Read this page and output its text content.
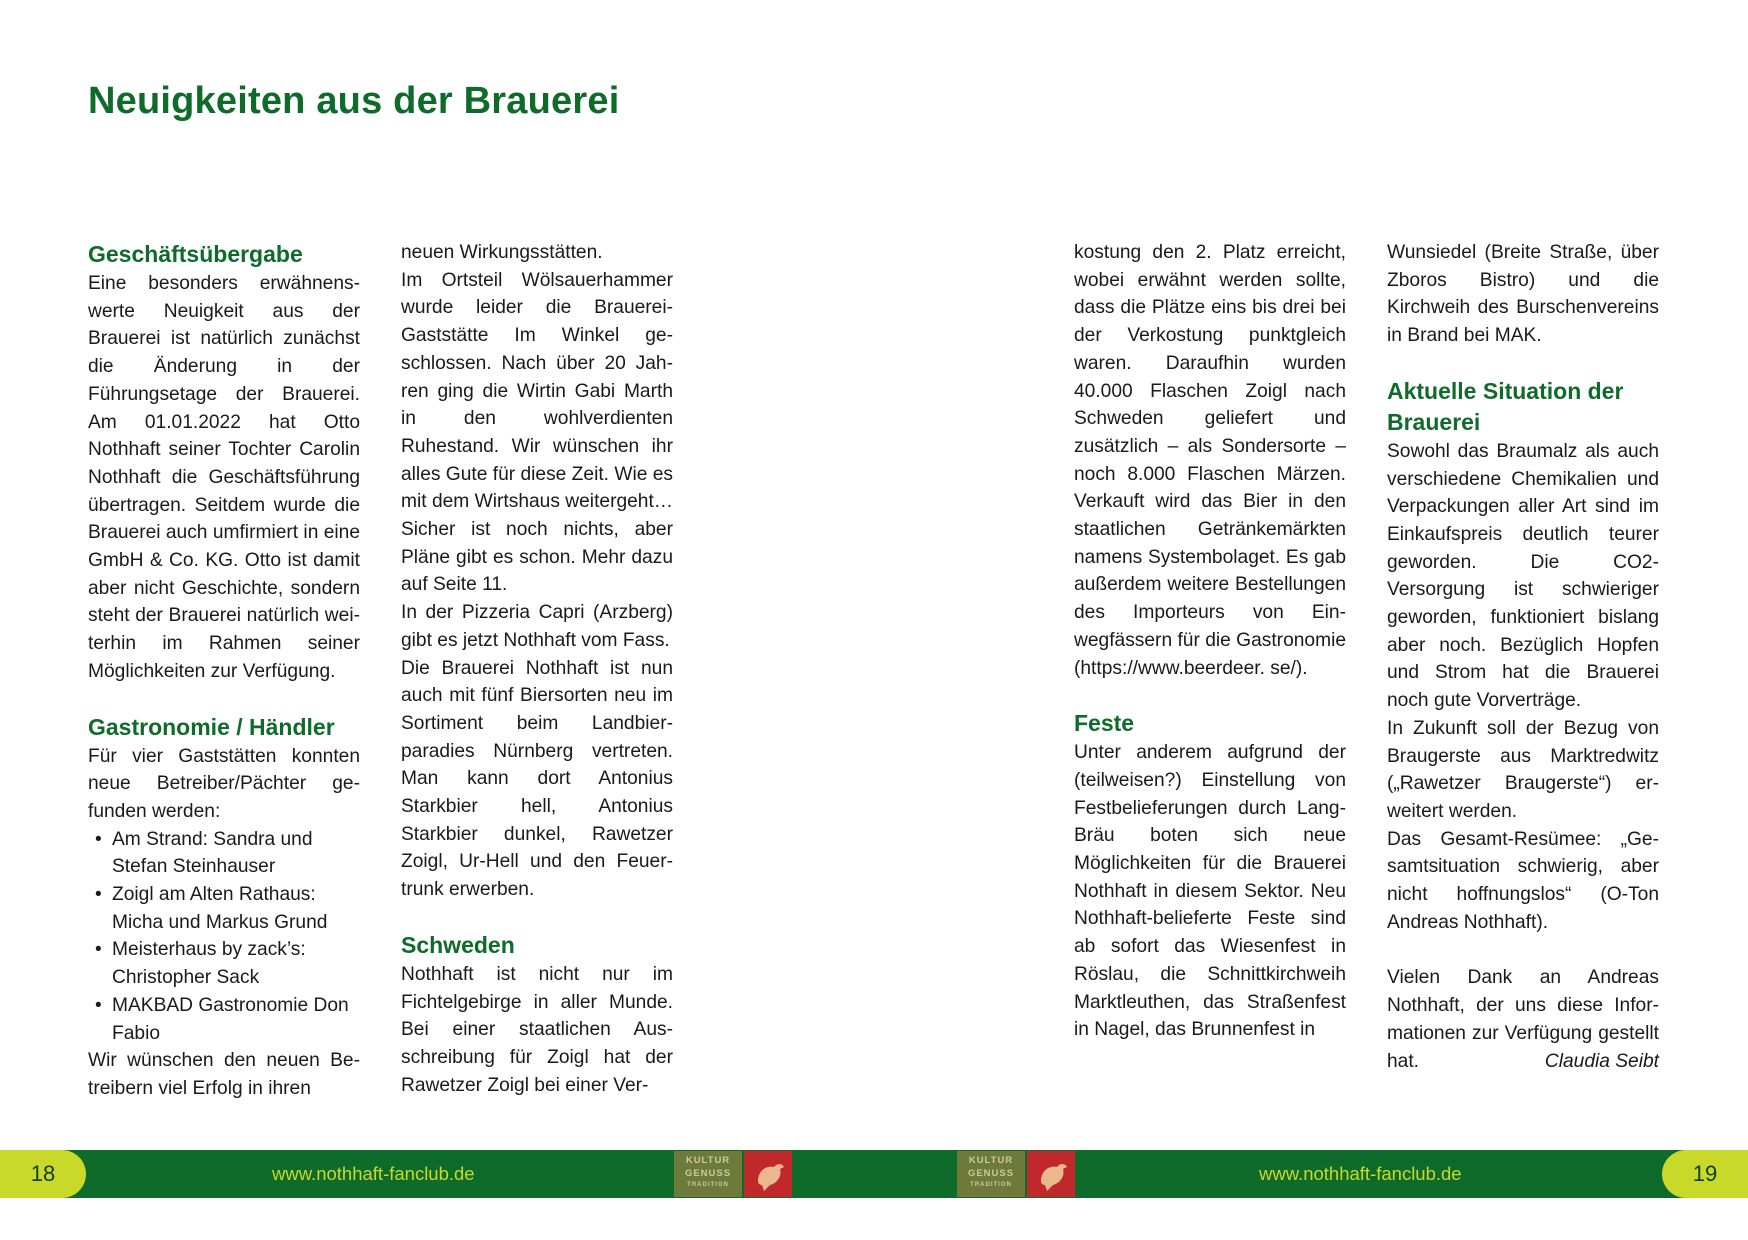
Neuigkeiten aus der Brauerei
Geschäftsübergabe

Eine besonders erwähnenswerte Neuigkeit aus der Brauerei ist natürlich zunächst die Änderung in der Führungsetage der Brauerei. Am 01.01.2022 hat Otto Nothhaft seiner Tochter Carolin Nothhaft die Geschäftsführung übertragen. Seitdem wurde die Brauerei auch umfirmiert in eine GmbH & Co. KG. Otto ist damit aber nicht Geschichte, sondern steht der Brauerei natürlich weiterhin im Rahmen seiner Möglichkeiten zur Verfügung.

Gastronomie / Händler

Für vier Gaststätten konnten neue Betreiber/Pächter gefunden werden:

• Am Strand: Sandra und Stefan Steinhauser
• Zoigl am Alten Rathaus: Micha und Markus Grund
• Meisterhaus by zack’s: Christopher Sack
• MAKBAD Gastronomie Don Fabio

Wir wünschen den neuen Betreibern viel Erfolg in ihren

neuen Wirkungsstätten.

Im Ortsteil Wölsauerhammer wurde leider die Brauerei-Gaststätte Im Winkel geschlossen. Nach über 20 Jahren ging die Wirtin Gabi Marth in den wohlverdienten Ruhestand. Wir wünschen ihr alles Gute für diese Zeit. Wie es mit dem Wirtshaus weitergeht… Sicher ist noch nichts, aber Pläne gibt es schon. Mehr dazu auf Seite 11.

In der Pizzeria Capri (Arzberg) gibt es jetzt Nothhaft vom Fass.

Die Brauerei Nothhaft ist nun auch mit fünf Biersorten neu im Sortiment beim Landbierparadies Nürnberg vertreten. Man kann dort Antonius Starkbier hell, Antonius Starkbier dunkel, Rawetzer Zoigl, Ur-Hell und den Feuertrunk erwerben.

Schweden

Nothhaft ist nicht nur im Fichtelgebirge in aller Munde. Bei einer staatlichen Ausschreibung für Zoigl hat der Rawetzer Zoigl bei einer Ver-

kostung den 2. Platz erreicht, wobei erwähnt werden sollte, dass die Plätze eins bis drei bei der Verkostung punktgleich waren. Daraufhin wurden 40.000 Flaschen Zoigl nach Schweden geliefert und zusätzlich – als Sondersorte – noch 8.000 Flaschen Märzen. Verkauft wird das Bier in den staatlichen Getränkemärkten namens Systembolaget. Es gab außerdem weitere Bestellungen des Importeurs von Einwegfässern für die Gastronomie (https://www.beerdeer. se/).

Feste

Unter anderem aufgrund der (teilweisen?) Einstellung von Festbelieferungen durch Lang-Bräu boten sich neue Möglichkeiten für die Brauerei Nothhaft in diesem Sektor. Neu Nothhaft-belieferte Feste sind ab sofort das Wiesenfest in Röslau, die Schnittkirchweih Marktleuthen, das Straßenfest in Nagel, das Brunnenfest in

Wunsiedel (Breite Straße, über Zboros Bistro) und die Kirchweih des Burschenvereins in Brand bei MAK.

Aktuelle Situation der Brauerei

Sowohl das Braumalz als auch verschiedene Chemikalien und Verpackungen aller Art sind im Einkaufspreis deutlich teurer geworden. Die CO2-Versorgung ist schwieriger geworden, funktioniert bislang aber noch. Bezüglich Hopfen und Strom hat die Brauerei noch gute Vorverträge.

In Zukunft soll der Bezug von Braugerste aus Marktredwitz („Rawetzer Braugerste“) erweitert werden.

Das Gesamt-Resümee: „Gesamtsituation schwierig, aber nicht hoffnungslos“ (O-Ton Andreas Nothhaft).

Vielen Dank an Andreas Nothhaft, der uns diese Informationen zur Verfügung gestellt hat.	Claudia Seibt

18	19
www.nothhaft-fanclub.de	www.nothhaft-fanclub.de
KULTUR
GENUSS
TRADITION
KULTUR
GENUSS
TRADITION
